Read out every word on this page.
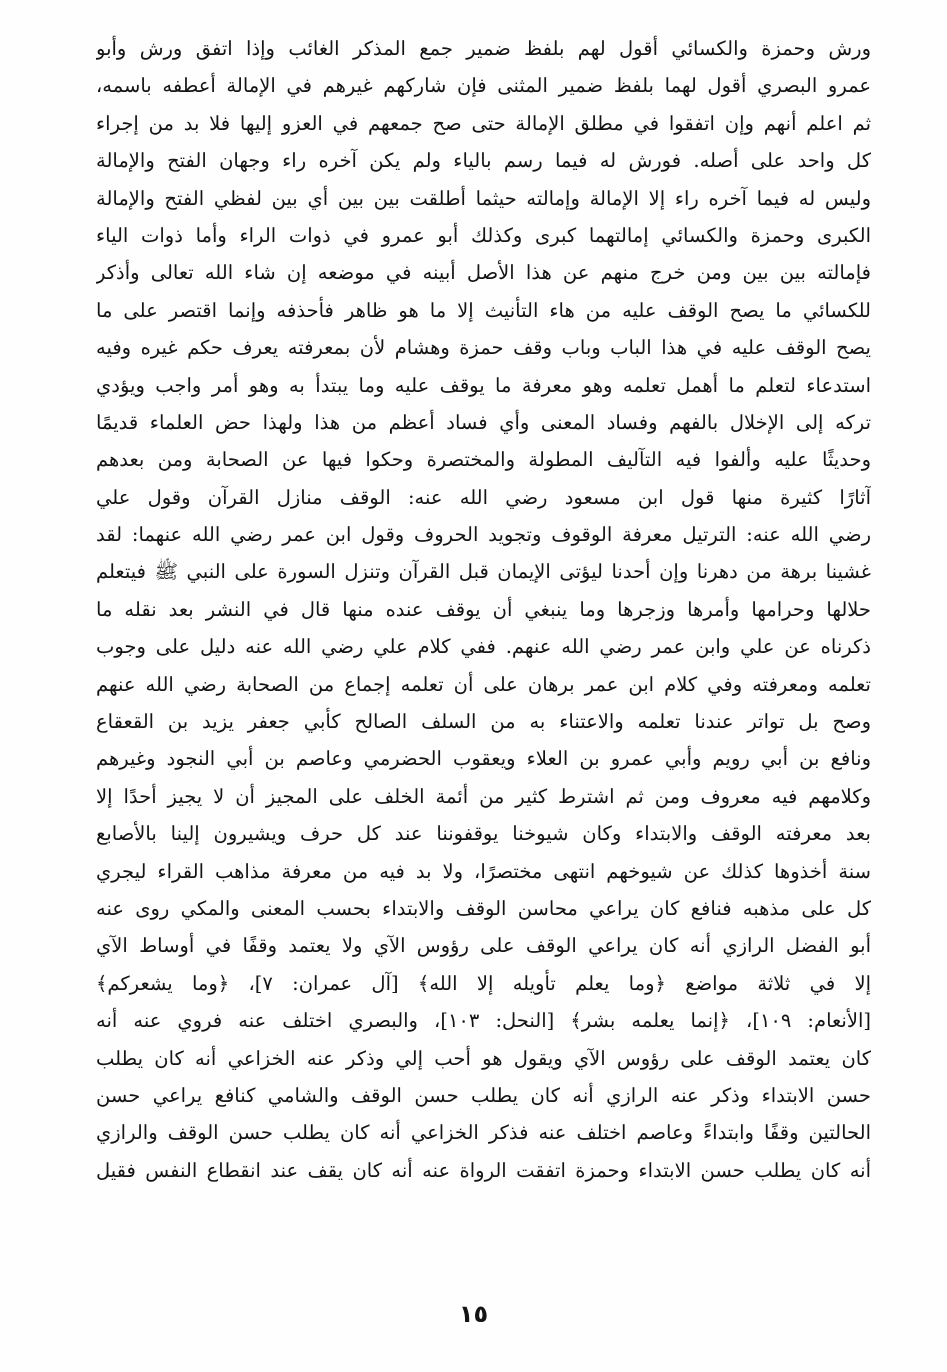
ورش وحمزة والكسائي أقول لهم بلفظ ضمير جمع المذكر الغائب وإذا اتفق ورش وأبو
عمرو البصري أقول لهما بلفظ ضمير المثنى فإن شاركهم غيرهم في الإمالة أعطفه باسمه،
ثم اعلم أنهم وإن اتفقوا في مطلق الإمالة حتى صح جمعهم في العزو إليها فلا بد من إجراء
كل واحد على أصله. فورش له فيما رسم بالياء ولم يكن آخره راء وجهان الفتح والإمالة
وليس له فيما آخره راء إلا الإمالة وإمالته حيثما أطلقت بين بين أي بين لفظي الفتح والإمالة
الكبرى وحمزة والكسائي إمالتهما كبرى وكذلك أبو عمرو في ذوات الراء وأما ذوات الياء
فإمالته بين بين ومن خرج منهم عن هذا الأصل أبينه في موضعه إن شاء الله تعالى وأذكر
للكسائي ما يصح الوقف عليه من هاء التأنيث إلا ما هو ظاهر فأحذفه وإنما اقتصر على ما
يصح الوقف عليه في هذا الباب وباب وقف حمزة وهشام لأن بمعرفته يعرف حكم غيره وفيه
استدعاء لتعلم ما أهمل تعلمه وهو معرفة ما يوقف عليه وما يبتدأ به وهو أمر واجب ويؤدي
تركه إلى الإخلال بالفهم وفساد المعنى وأي فساد أعظم من هذا ولهذا حض العلماء قديمًا
وحديثًا عليه وألفوا فيه التآليف المطولة والمختصرة وحكوا فيها عن الصحابة ومن بعدهم
آثارًا كثيرة منها قول ابن مسعود رضي الله عنه: الوقف منازل القرآن وقول علي
رضي الله عنه: الترتيل معرفة الوقوف وتجويد الحروف وقول ابن عمر رضي الله عنهما: لقد
غشينا برهة من دهرنا وإن أحدنا ليؤتى الإيمان قبل القرآن وتنزل السورة على النبي ﷺ فيتعلم
حلالها وحرامها وأمرها وزجرها وما ينبغي أن يوقف عنده منها قال في النشر بعد نقله ما
ذكرناه عن علي وابن عمر رضي الله عنهم. ففي كلام علي رضي الله عنه دليل على وجوب
تعلمه ومعرفته وفي كلام ابن عمر برهان على أن تعلمه إجماع من الصحابة رضي الله عنهم
وصح بل تواتر عندنا تعلمه والاعتناء به من السلف الصالح كأبي جعفر يزيد بن القعقاع
ونافع بن أبي رويم وأبي عمرو بن العلاء ويعقوب الحضرمي وعاصم بن أبي النجود وغيرهم
وكلامهم فيه معروف ومن ثم اشترط كثير من أئمة الخلف على المجيز أن لا يجيز أحدًا إلا
بعد معرفته الوقف والابتداء وكان شيوخنا يوقفوننا عند كل حرف ويشيرون إلينا بالأصابع
سنة أخذوها كذلك عن شيوخهم انتهى مختصرًا، ولا بد فيه من معرفة مذاهب القراء ليجري
كل على مذهبه فنافع كان يراعي محاسن الوقف والابتداء بحسب المعنى والمكي روى عنه
أبو الفضل الرازي أنه كان يراعي الوقف على رؤوس الآي ولا يعتمد وقفًا في أوساط الآي
إلا في ثلاثة مواضع ﴿وما يعلم تأويله إلا الله﴾ [آل عمران: ٧]، ﴿وما يشعركم﴾
[الأنعام: ١٠٩]، ﴿إنما يعلمه بشر﴾ [النحل: ١٠٣]، والبصري اختلف عنه فروي عنه أنه
كان يعتمد الوقف على رؤوس الآي ويقول هو أحب إلي وذكر عنه الخزاعي أنه كان يطلب
حسن الابتداء وذكر عنه الرازي أنه كان يطلب حسن الوقف والشامي كنافع يراعي حسن
الحالتين وقفًا وابتداءً وعاصم اختلف عنه فذكر الخزاعي أنه كان يطلب حسن الوقف والرازي
أنه كان يطلب حسن الابتداء وحمزة اتفقت الرواة عنه أنه كان يقف عند انقطاع النفس فقيل
١٥
